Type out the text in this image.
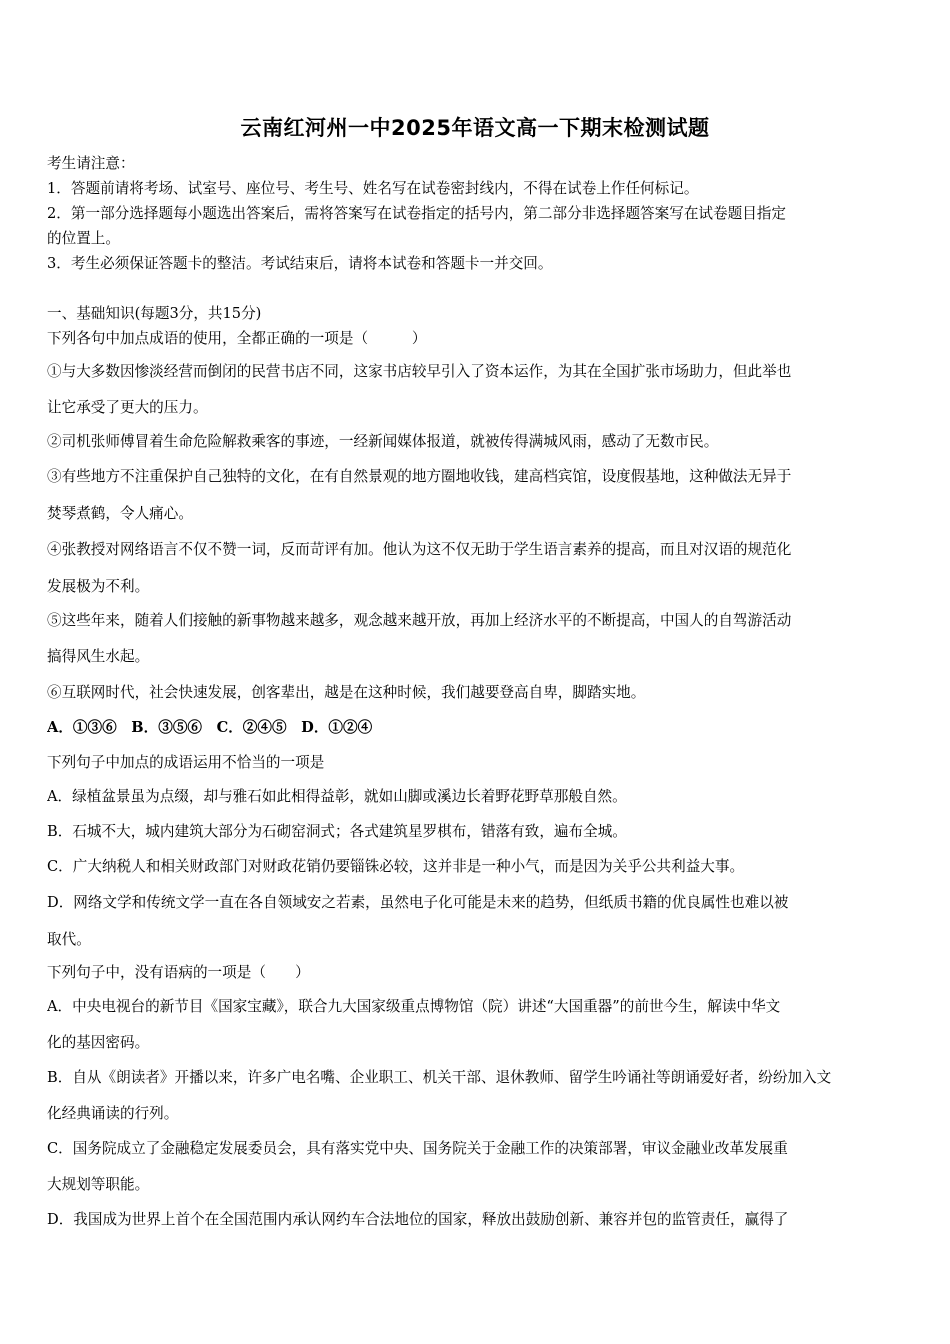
云南红河州一中2025年语文高一下期末检测试题
考生请注意：
1．答题前请将考场、试室号、座位号、考生号、姓名写在试卷密封线内，不得在试卷上作任何标记。
2．第一部分选择题每小题选出答案后，需将答案写在试卷指定的括号内，第二部分非选择题答案写在试卷题目指定
的位置上。
3．考生必须保证答题卡的整洁。考试结束后，请将本试卷和答题卡一并交回。
一、基础知识(每题3分，共15分)
下列各句中加点成语的使用，全都正确的一项是（　　　）
①与大多数因惨淡经营而倒闭的民营书店不同，这家书店较早引入了资本运作，为其在全国扩张市场助力，但此举也
让它承受了更大的压力。
②司机张师傅冒着生命危险解救乘客的事迹，一经新闻媒体报道，就被传得满城风雨，感动了无数市民。
③有些地方不注重保护自己独特的文化，在有自然景观的地方圈地收钱，建高档宾馆，设度假基地，这种做法无异于
焚琴煮鹤，令人痛心。
④张教授对网络语言不仅不赞一词，反而苛评有加。他认为这不仅无助于学生语言素养的提高，而且对汉语的规范化
发展极为不利。
⑤这些年来，随着人们接触的新事物越来越多，观念越来越开放，再加上经济水平的不断提高，中国人的自驾游活动
搞得风生水起。
⑥互联网时代，社会快速发展，创客辈出，越是在这种时候，我们越要登高自卑，脚踏实地。
A．①③⑥　B．③⑤⑥　C．②④⑤　D．①②④
下列句子中加点的成语运用不恰当的一项是
A．绿植盆景虽为点缀，却与雅石如此相得益彰，就如山脚或溪边长着野花野草那般自然。
B．石城不大，城内建筑大部分为石砌窑洞式；各式建筑星罗棋布，错落有致，遍布全城。
C．广大纳税人和相关财政部门对财政花销仍要锱铢必较，这并非是一种小气，而是因为关乎公共利益大事。
D．网络文学和传统文学一直在各自领域安之若素，虽然电子化可能是未来的趋势，但纸质书籍的优良属性也难以被
取代。
下列句子中，没有语病的一项是（　　）
A．中央电视台的新节目《国家宝藏》，联合九大国家级重点博物馆（院）讲述“大国重器”的前世今生，解读中华文
化的基因密码。
B．自从《朗读者》开播以来，许多广电名嘴、企业职工、机关干部、退休教师、留学生吟诵社等朗诵爱好者，纷纷加入文
化经典诵读的行列。
C．国务院成立了金融稳定发展委员会，具有落实党中央、国务院关于金融工作的决策部署，审议金融业改革发展重
大规划等职能。
D．我国成为世界上首个在全国范围内承认网约车合法地位的国家，释放出鼓励创新、兼容并包的监管责任，赢得了
